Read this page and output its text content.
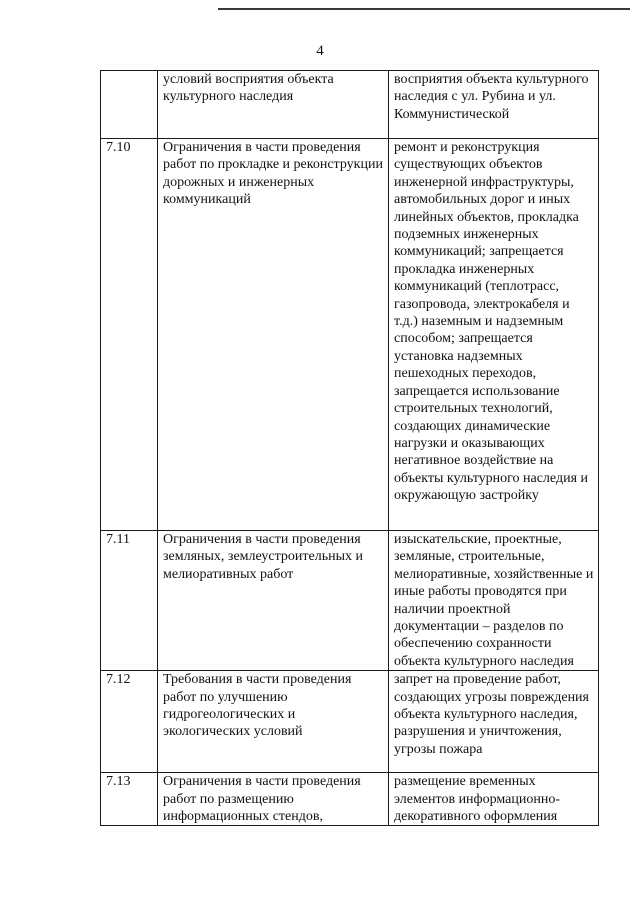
4
	условий восприятия объекта культурного наследия	восприятия объекта культурного наследия с ул. Рубина и ул. Коммунистической
7.10	Ограничения в части проведения работ по прокладке и реконструкции дорожных и инженерных коммуникаций	ремонт и реконструкция существующих объектов инженерной инфраструктуры, автомобильных дорог и иных линейных объектов, прокладка подземных инженерных коммуникаций; запрещается прокладка инженерных коммуникаций (теплотрасс, газопровода, электрокабеля и т.д.) наземным и надземным способом; запрещается установка надземных пешеходных переходов, запрещается использование строительных технологий, создающих динамические нагрузки и оказывающих негативное воздействие на объекты культурного наследия и окружающую застройку
7.11	Ограничения в части проведения земляных, землеустроительных и мелиоративных работ	изыскательские, проектные, земляные, строительные, мелиоративные, хозяйственные и иные работы проводятся при наличии проектной документации – разделов по обеспечению сохранности объекта культурного наследия
7.12	Требования в части проведения работ по улучшению гидрогеологических и экологических условий	запрет на проведение работ, создающих угрозы повреждения объекта культурного наследия, разрушения и уничтожения, угрозы пожара
7.13	Ограничения в части проведения работ по размещению информационных стендов,	размещение временных элементов информационно-декоративного оформления
